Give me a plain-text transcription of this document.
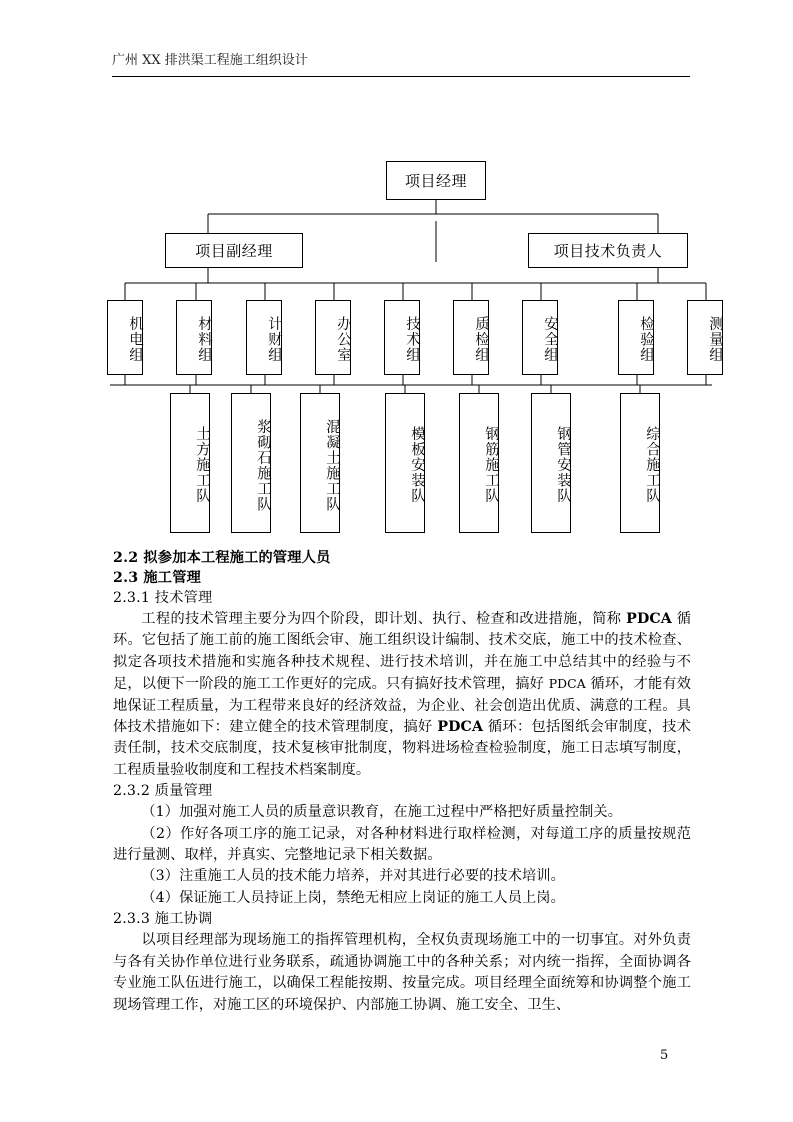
广州 XX 排洪渠工程施工组织设计
项目经理
项目副经理	项目技术负责人
机电组	材料组	计财组	办公室	技术组	质检组	安全组	检验组	测量组
土方施工队	浆砌石施工队	混凝土施工队	模板安装队	钢筋施工队	钢管安装队	综合施工队
2.2 拟参加本工程施工的管理人员
2.3 施工管理
2.3.1 技术管理

工程的技术管理主要分为四个阶段，即计划、执行、检查和改进措施，简称 PDCA 循环。它包括了施工前的施工图纸会审、施工组织设计编制、技术交底，施工中的技术检查、拟定各项技术措施和实施各种技术规程、进行技术培训，并在施工中总结其中的经验与不足，以便下一阶段的施工工作更好的完成。只有搞好技术管理，搞好 PDCA 循环，才能有效地保证工程质量，为工程带来良好的经济效益，为企业、社会创造出优质、满意的工程。具体技术措施如下：建立健全的技术管理制度，搞好 PDCA 循环：包括图纸会审制度，技术责任制，技术交底制度，技术复核审批制度，物料进场检查检验制度，施工日志填写制度，工程质量验收制度和工程技术档案制度。

2.3.2 质量管理

（1）加强对施工人员的质量意识教育，在施工过程中严格把好质量控制关。

（2）作好各项工序的施工记录，对各种材料进行取样检测，对每道工序的质量按规范进行量测、取样，并真实、完整地记录下相关数据。

（3）注重施工人员的技术能力培养，并对其进行必要的技术培训。

（4）保证施工人员持证上岗，禁绝无相应上岗证的施工人员上岗。

2.3.3 施工协调

以项目经理部为现场施工的指挥管理机构，全权负责现场施工中的一切事宜。对外负责与各有关协作单位进行业务联系，疏通协调施工中的各种关系；对内统一指挥，全面协调各专业施工队伍进行施工，以确保工程能按期、按量完成。项目经理全面统筹和协调整个施工现场管理工作，对施工区的环境保护、内部施工协调、施工安全、卫生、

5
